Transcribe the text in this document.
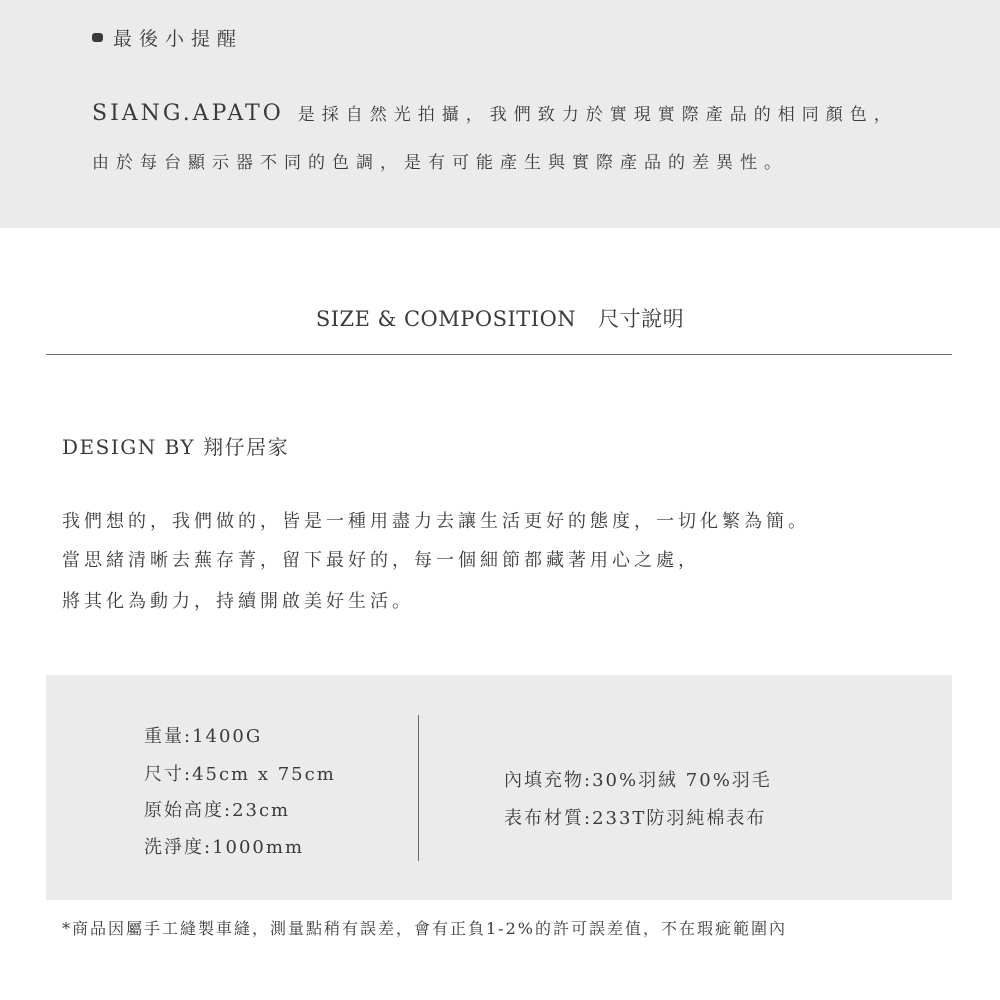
最後小提醒
SIANG.APATO 是採自然光拍攝，我們致力於實現實際產品的相同顏色，
由於每台顯示器不同的色調，是有可能產生與實際產品的差異性。
SIZE & COMPOSITION 尺寸說明
DESIGN BY 翔仔居家
我們想的，我們做的，皆是一種用盡力去讓生活更好的態度，一切化繁為簡。
當思緒清晰去蕪存菁，留下最好的，每一個細節都藏著用心之處，
將其化為動力，持續開啟美好生活。
重量:1400G
尺寸:45cm x 75cm
原始高度:23cm
洗淨度:1000mm
內填充物:30%羽絨 70%羽毛
表布材質:233T防羽純棉表布
*商品因屬手工縫製車縫，測量點稍有誤差，會有正負1-2%的許可誤差值，不在瑕疵範圍內
